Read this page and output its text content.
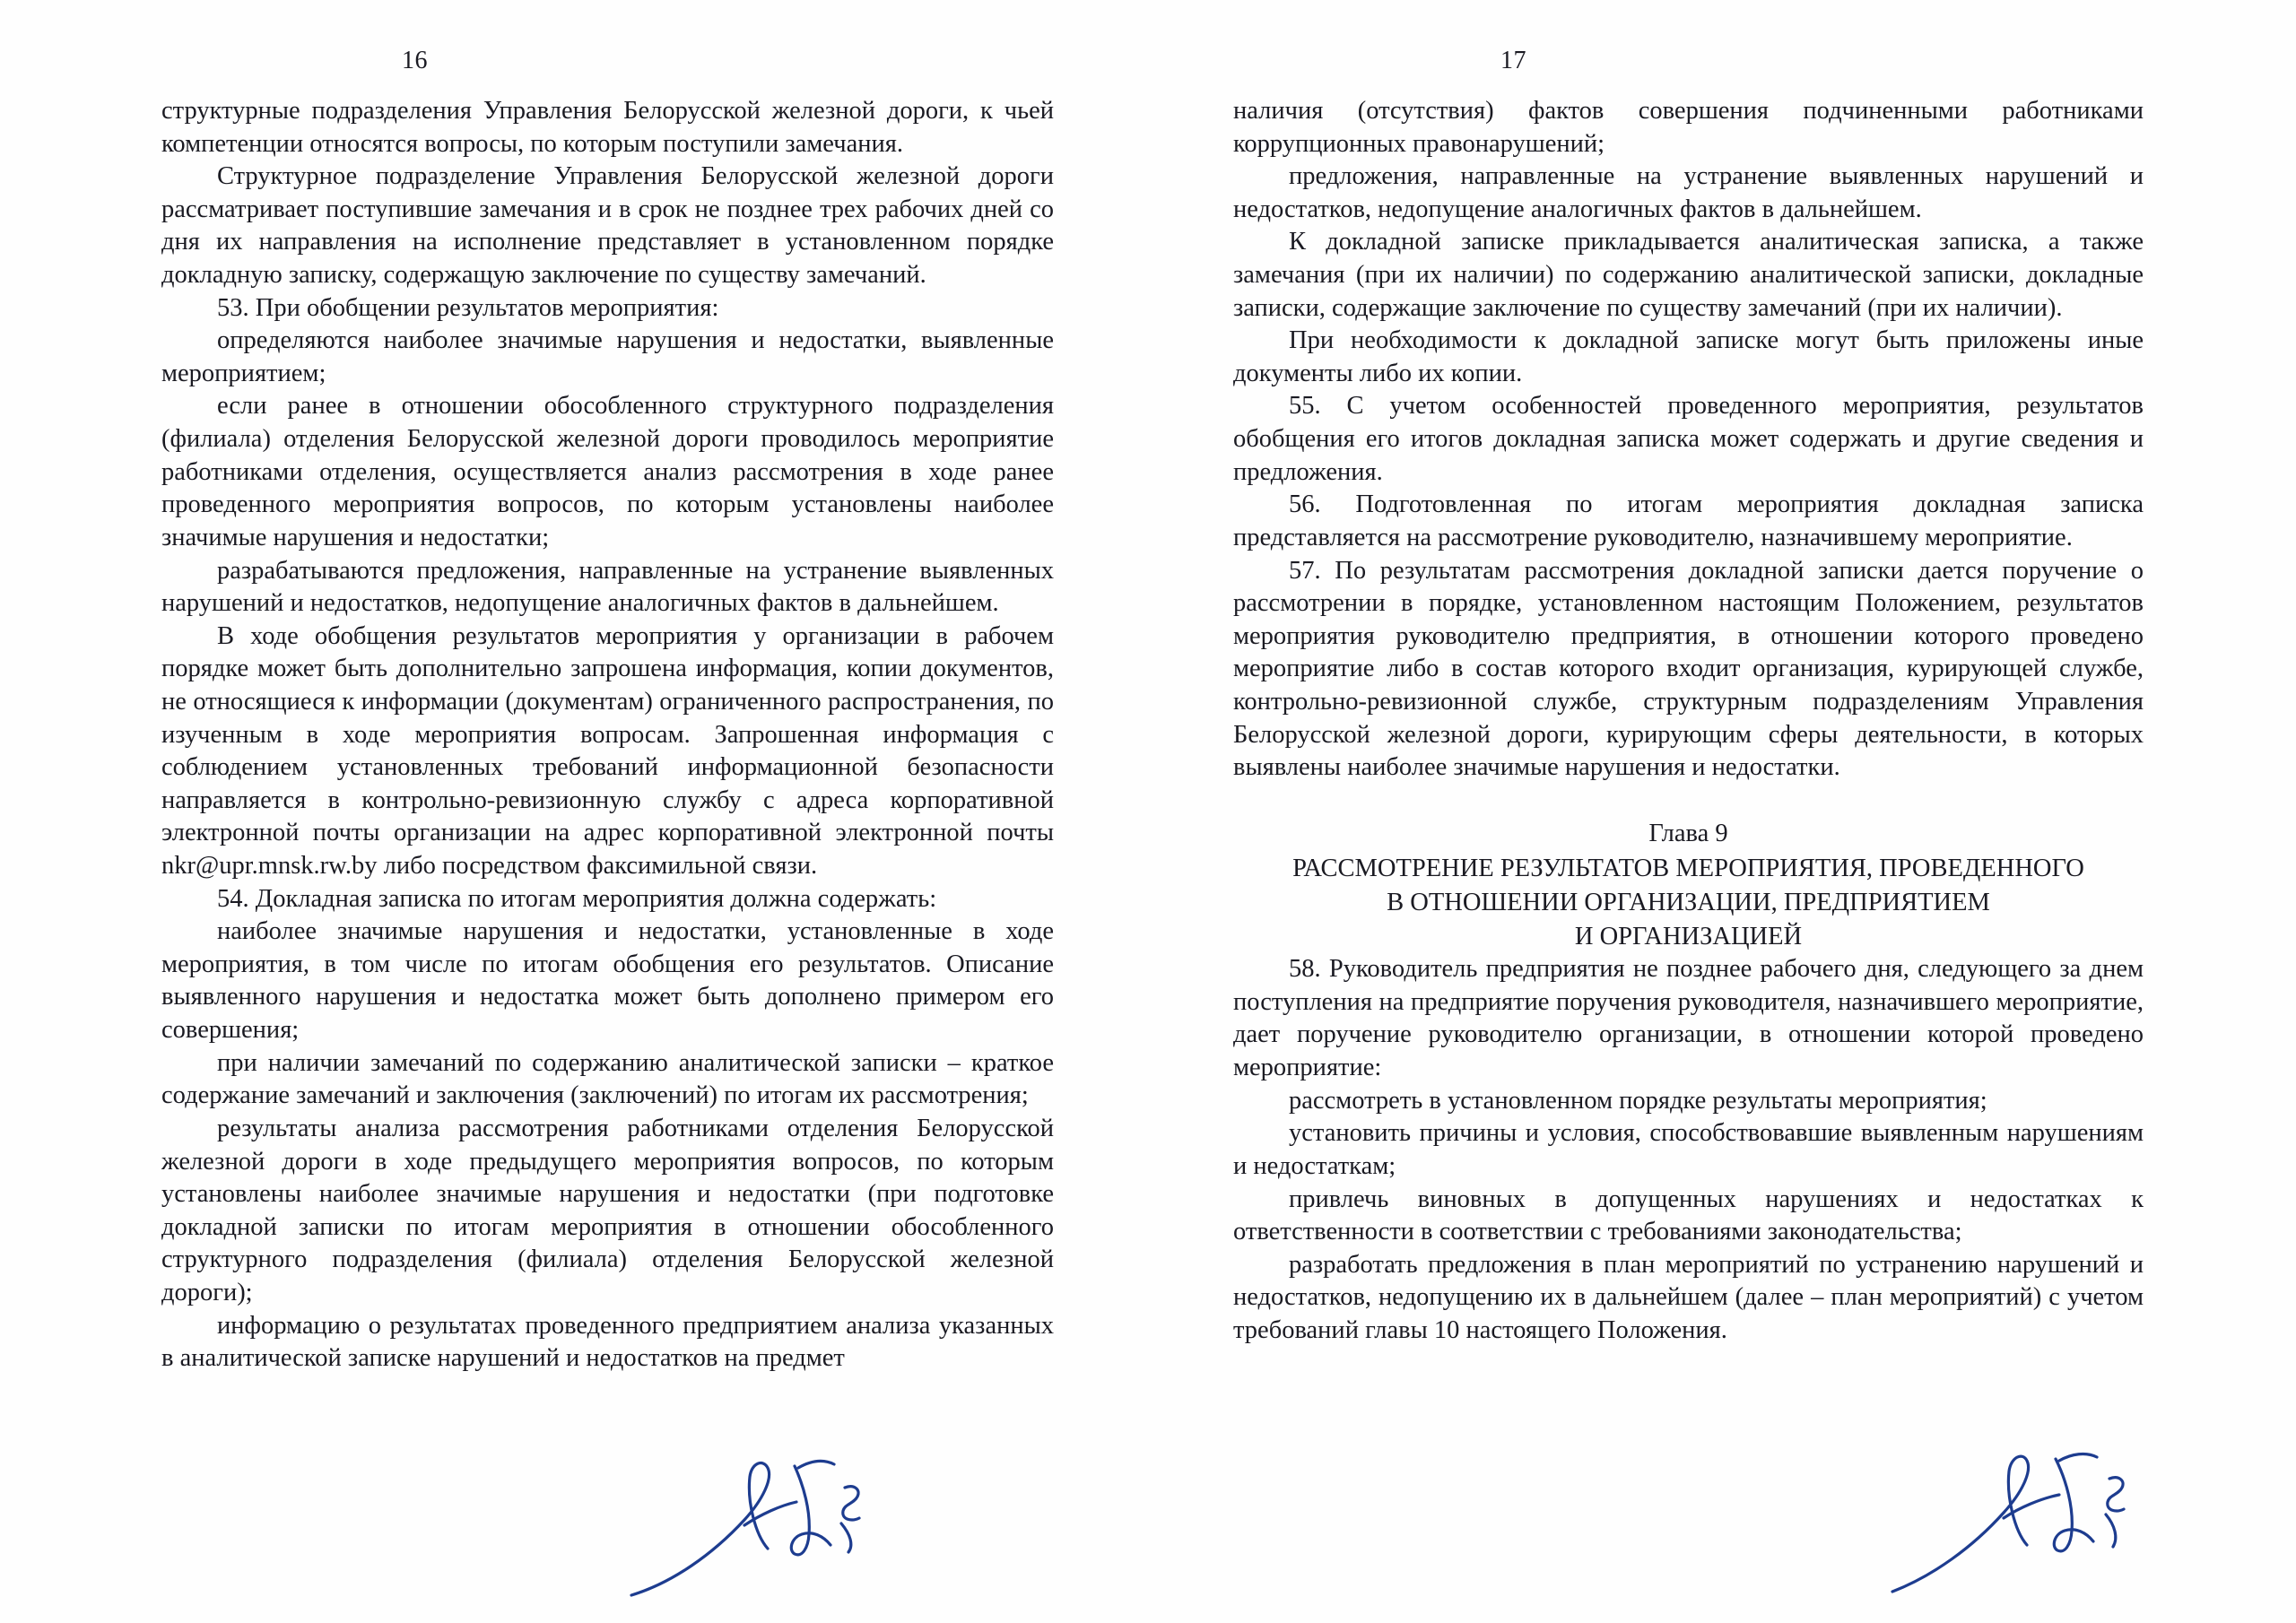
16

структурные подразделения Управления Белорусской железной дороги, к чьей компетенции относятся вопросы, по которым поступили замечания.

Структурное подразделение Управления Белорусской железной дороги рассматривает поступившие замечания и в срок не позднее трех рабочих дней со дня их направления на исполнение представляет в установленном порядке докладную записку, содержащую заключение по существу замечаний.

53. При обобщении результатов мероприятия:

определяются наиболее значимые нарушения и недостатки, выявленные мероприятием;

если ранее в отношении обособленного структурного подразделения (филиала) отделения Белорусской железной дороги проводилось мероприятие работниками отделения, осуществляется анализ рассмотрения в ходе ранее проведенного мероприятия вопросов, по которым установлены наиболее значимые нарушения и недостатки;

разрабатываются предложения, направленные на устранение выявленных нарушений и недостатков, недопущение аналогичных фактов в дальнейшем.

В ходе обобщения результатов мероприятия у организации в рабочем порядке может быть дополнительно запрошена информация, копии документов, не относящиеся к информации (документам) ограниченного распространения, по изученным в ходе мероприятия вопросам. Запрошенная информация с соблюдением установленных требований информационной безопасности направляется в контрольно-ревизионную службу с адреса корпоративной электронной почты организации на адрес корпоративной электронной почты nkr@upr.mnsk.rw.by либо посредством факсимильной связи.

54. Докладная записка по итогам мероприятия должна содержать:

наиболее значимые нарушения и недостатки, установленные в ходе мероприятия, в том числе по итогам обобщения его результатов. Описание выявленного нарушения и недостатка может быть дополнено примером его совершения;

при наличии замечаний по содержанию аналитической записки – краткое содержание замечаний и заключения (заключений) по итогам их рассмотрения;

результаты анализа рассмотрения работниками отделения Белорусской железной дороги в ходе предыдущего мероприятия вопросов, по которым установлены наиболее значимые нарушения и недостатки (при подготовке докладной записки по итогам мероприятия в отношении обособленного структурного подразделения (филиала) отделения Белорусской железной дороги);

информацию о результатах проведенного предприятием анализа указанных в аналитической записке нарушений и недостатков на предмет

17

наличия (отсутствия) фактов совершения подчиненными работниками коррупционных правонарушений;

предложения, направленные на устранение выявленных нарушений и недостатков, недопущение аналогичных фактов в дальнейшем.

К докладной записке прикладывается аналитическая записка, а также замечания (при их наличии) по содержанию аналитической записки, докладные записки, содержащие заключение по существу замечаний (при их наличии).

При необходимости к докладной записке могут быть приложены иные документы либо их копии.

55. С учетом особенностей проведенного мероприятия, результатов обобщения его итогов докладная записка может содержать и другие сведения и предложения.

56. Подготовленная по итогам мероприятия докладная записка представляется на рассмотрение руководителю, назначившему мероприятие.

57. По результатам рассмотрения докладной записки дается поручение о рассмотрении в порядке, установленном настоящим Положением, результатов мероприятия руководителю предприятия, в отношении которого проведено мероприятие либо в состав которого входит организация, курирующей службе, контрольно-ревизионной службе, структурным подразделениям Управления Белорусской железной дороги, курирующим сферы деятельности, в которых выявлены наиболее значимые нарушения и недостатки.

Глава 9
РАССМОТРЕНИЕ РЕЗУЛЬТАТОВ МЕРОПРИЯТИЯ, ПРОВЕДЕННОГО
В ОТНОШЕНИИ ОРГАНИЗАЦИИ, ПРЕДПРИЯТИЕМ
И ОРГАНИЗАЦИЕЙ

58. Руководитель предприятия не позднее рабочего дня, следующего за днем поступления на предприятие поручения руководителя, назначившего мероприятие, дает поручение руководителю организации, в отношении которой проведено мероприятие:

рассмотреть в установленном порядке результаты мероприятия;

установить причины и условия, способствовавшие выявленным нарушениям и недостаткам;

привлечь виновных в допущенных нарушениях и недостатках к ответственности в соответствии с требованиями законодательства;

разработать предложения в план мероприятий по устранению нарушений и недостатков, недопущению их в дальнейшем (далее – план мероприятий) с учетом требований главы 10 настоящего Положения.
